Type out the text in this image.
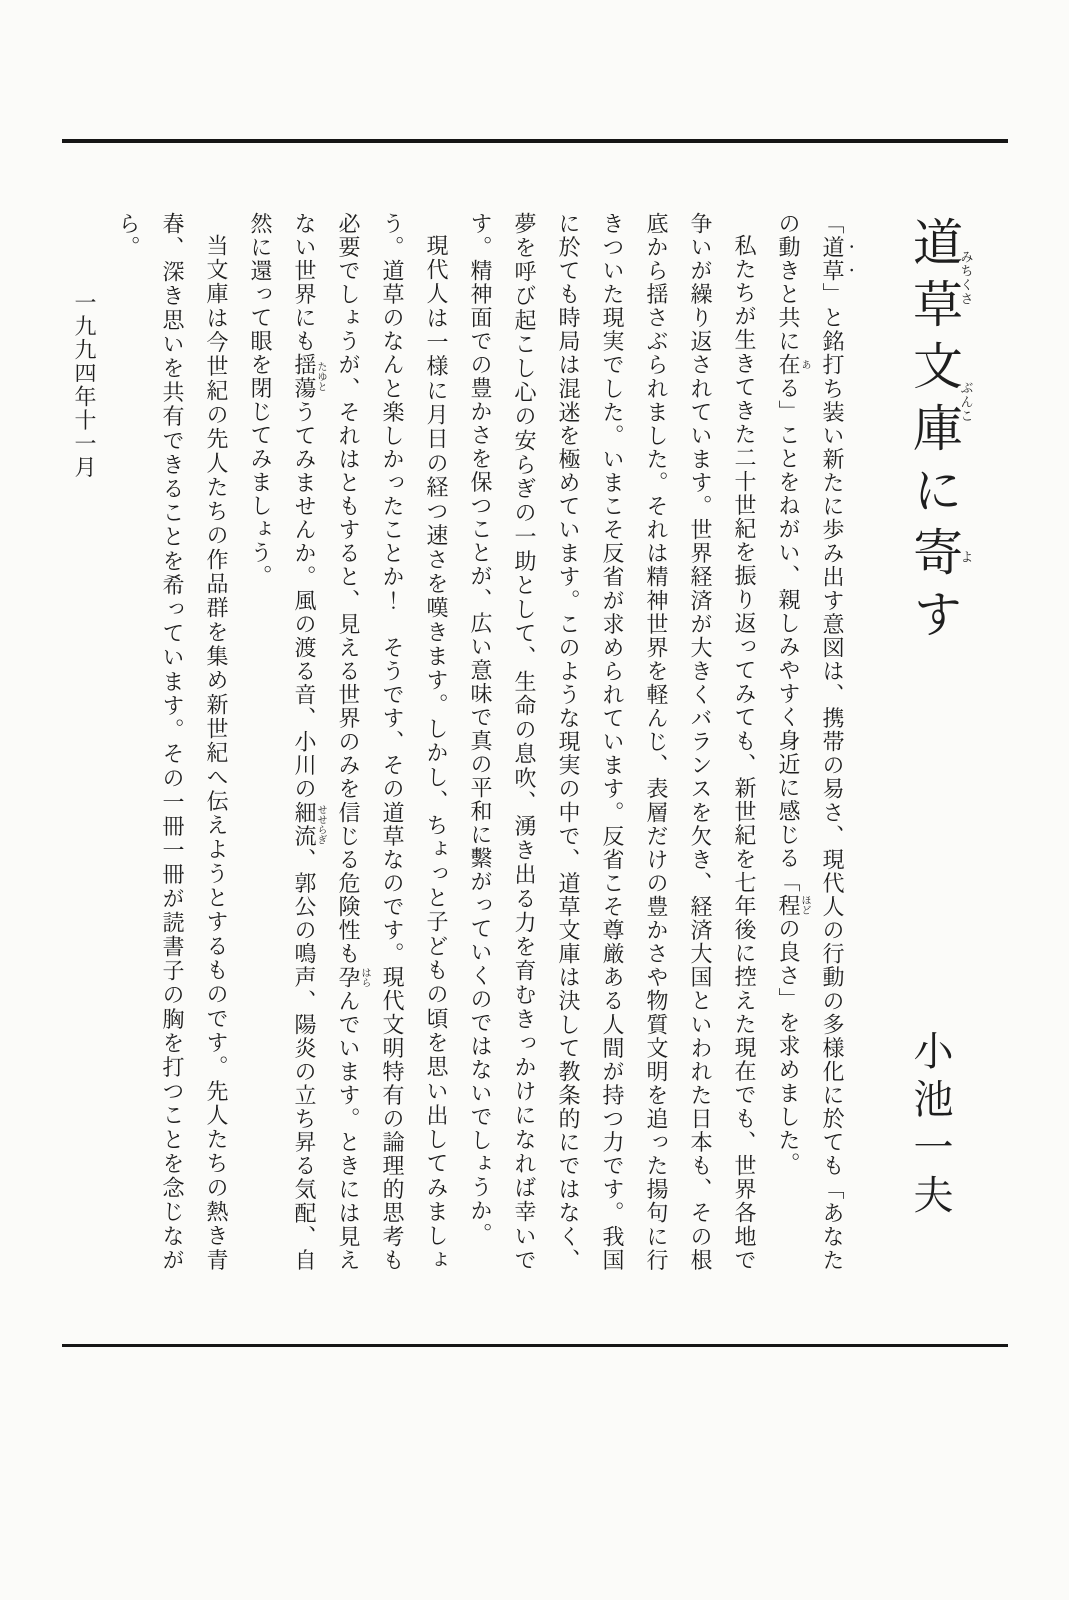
道草みちくさ文庫ぶんこに寄よす
小池一夫

「道草」と銘打ち装い新たに歩み出す意図は、携帯の易さ、現代人の行動の多様化に於ても「あなたの動きと共に在ある」ことをねがい、親しみやすく身近に感じる「程ほどの良さ」を求めました。

私たちが生きてきた二十世紀を振り返ってみても、新世紀を七年後に控えた現在でも、世界各地で争いが繰り返されています。世界経済が大きくバランスを欠き、経済大国といわれた日本も、その根底から揺さぶられました。それは精神世界を軽んじ、表層だけの豊かさや物質文明を追った揚句に行きついた現実でした。いまこそ反省が求められています。反省こそ尊厳ある人間が持つ力です。我国に於ても時局は混迷を極めています。このような現実の中で、道草文庫は決して教条的にではなく、夢を呼び起こし心の安らぎの一助として、生命の息吹、湧き出る力を育むきっかけになれば幸いです。精神面での豊かさを保つことが、広い意味で真の平和に繫がっていくのではないでしょうか。

現代人は一様に月日の経つ速さを嘆きます。しかし、ちょっと子どもの頃を思い出してみましょう。道草のなんと楽しかったことか！　そうです、その道草なのです。現代文明特有の論理的思考も必要でしょうが、それはともすると、見える世界のみを信じる危険性も孕はらんでいます。ときには見えない世界にも揺蕩たゆとうてみませんか。風の渡る音、小川の細流せせらぎ、郭公の鳴声、陽炎の立ち昇る気配、自然に還って眼を閉じてみましょう。

当文庫は今世紀の先人たちの作品群を集め新世紀へ伝えようとするものです。先人たちの熱き青春、深き思いを共有できることを希っています。その一冊一冊が読書子の胸を打つことを念じながら。

一九九四年十一月
